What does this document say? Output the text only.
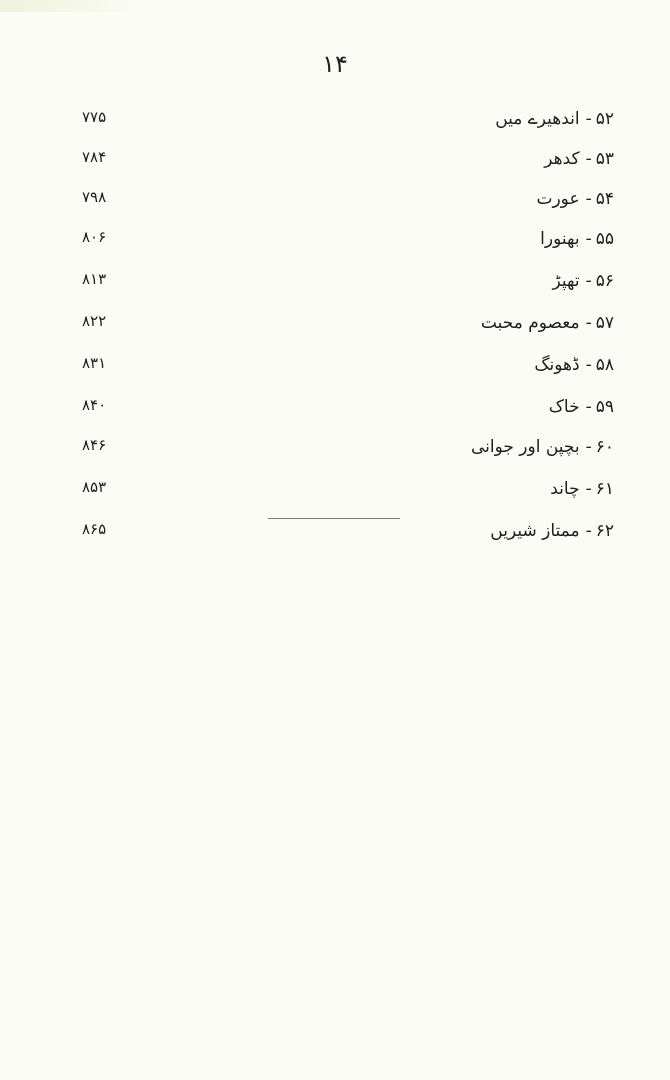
۱۴
۵۲-اندھیرے میں
۷۷۵
۵۳-کدھر
۷۸۴
۵۴-عورت
۷۹۸
۵۵-بھنورا
۸۰۶
۵۶-تھپڑ
۸۱۳
۵۷-معصوم محبت
۸۲۲
۵۸-ڈھونگ
۸۳۱
۵۹-خاک
۸۴۰
۶۰-بچپن اور جوانی
۸۴۶
۶۱-چاند
۸۵۳
۶۲-ممتاز شیریں
۸۶۵
